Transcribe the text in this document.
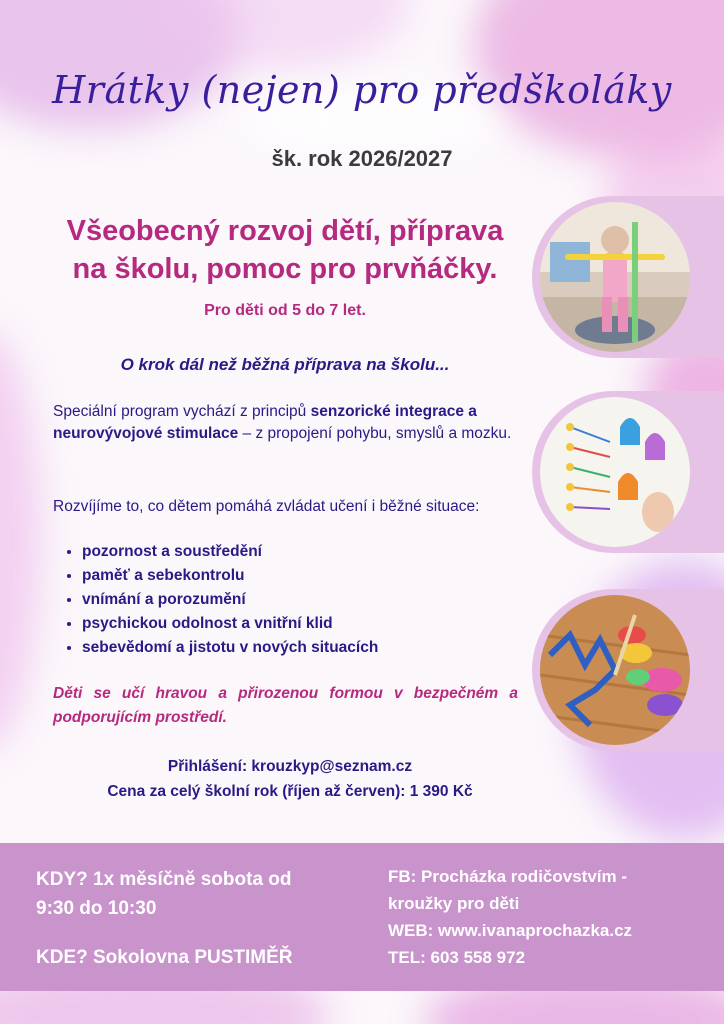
Hrátky (nejen) pro předškoláky
šk. rok 2026/2027
Všeobecný rozvoj dětí, příprava
na školu, pomoc pro prvňáčky.
Pro děti od 5 do 7 let.
O krok dál než běžná příprava na školu...
Speciální program vychází z principů senzorické integrace a neurovývojové stimulace – z propojení pohybu, smyslů a mozku.
Rozvíjíme to, co dětem pomáhá zvládat učení i běžné situace:
• pozornost a soustředění
• paměť a sebekontrolu
• vnímání a porozumění
• psychickou odolnost a vnitřní klid
• sebevědomí a jistotu v nových situacích
Děti se učí hravou a přirozenou formou v bezpečném a podporujícím prostředí.
Přihlášení: krouzkyp@seznam.cz
Cena za celý školní rok (říjen až červen): 1 390 Kč
KDY? 1x měsíčně sobota od
9:30 do 10:30
KDE? Sokolovna PUSTIMĚŘ
FB: Procházka rodičovstvím -
kroužky pro děti
WEB: www.ivanaprochazka.cz
TEL: 603 558 972
